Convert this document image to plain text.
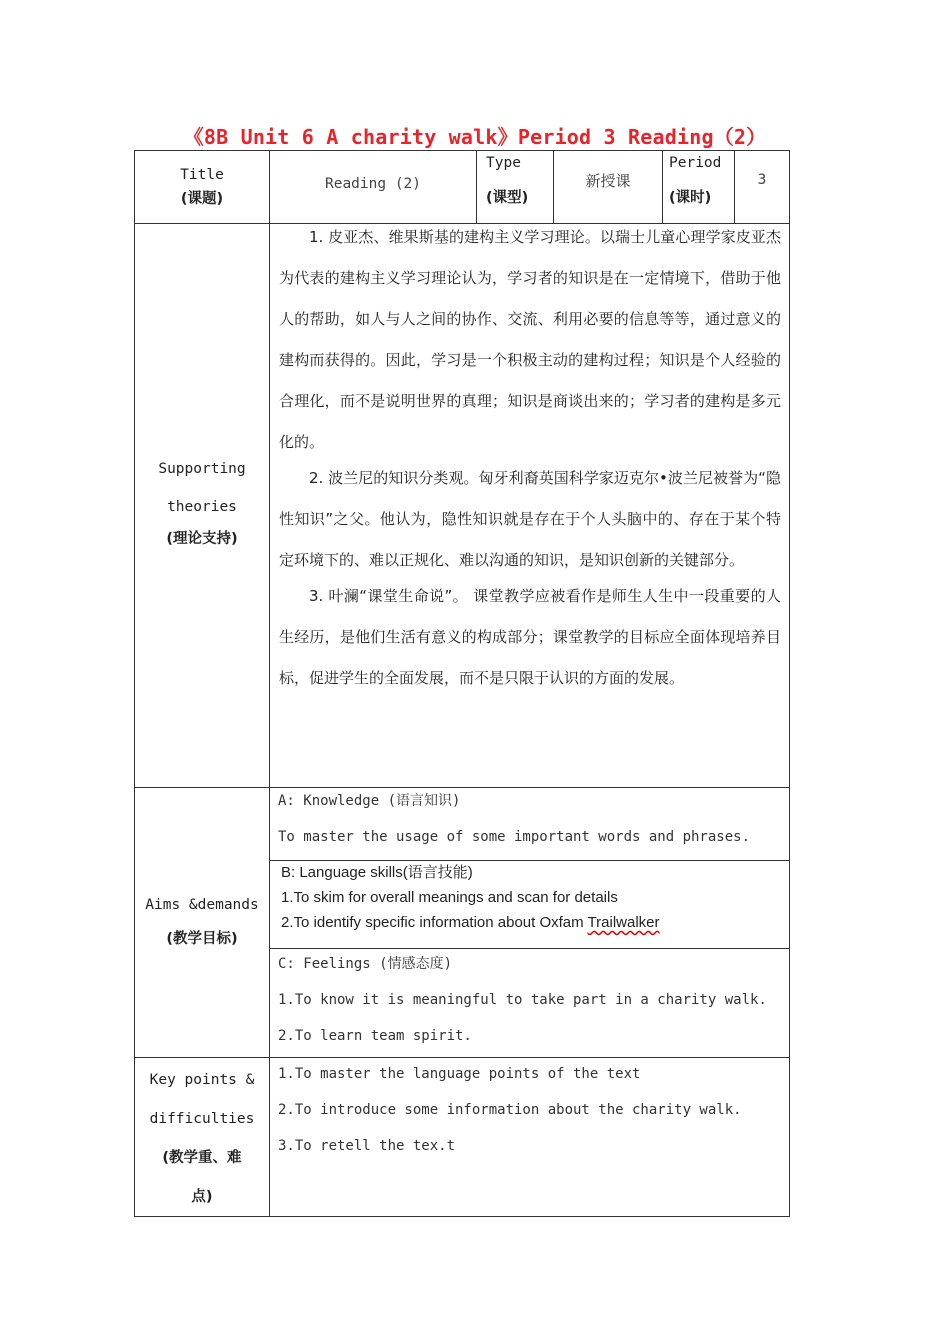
《8B Unit 6 A charity walk》Period 3 Reading（2）
Title
(课题)
Reading (2)
Type
(课型)
新授课
Period
(课时)
3
Supporting
theories
(理论支持)

1. 皮亚杰、维果斯基的建构主义学习理论。以瑞士儿童心理学家皮亚杰为代表的建构主义学习理论认为，学习者的知识是在一定情境下，借助于他人的帮助，如人与人之间的协作、交流、利用必要的信息等等，通过意义的建构而获得的。因此，学习是一个积极主动的建构过程；知识是个人经验的合理化，而不是说明世界的真理；知识是商谈出来的；学习者的建构是多元化的。

2. 波兰尼的知识分类观。匈牙利裔英国科学家迈克尔•波兰尼被誉为“隐性知识”之父。他认为，隐性知识就是存在于个人头脑中的、存在于某个特定环境下的、难以正规化、难以沟通的知识，是知识创新的关键部分。

3. 叶澜“课堂生命说”。 课堂教学应被看作是师生人生中一段重要的人生经历，是他们生活有意义的构成部分；课堂教学的目标应全面体现培养目标，促进学生的全面发展，而不是只限于认识的方面的发展。

Aims &demands
(教学目标)
A: Knowledge (语言知识)
To master the usage of some important words and phrases.
B: Language skills(语言技能)
1.To skim for overall meanings and scan for details
2.To identify specific information about Oxfam Trailwalker
C: Feelings (情感态度)
1.To know it is meaningful to take part in a charity walk.
2.To learn team spirit.
Key points &
difficulties
(教学重、难
点)
1.To master the language points of the text
2.To introduce some information about the charity walk.
3.To retell the tex.t
